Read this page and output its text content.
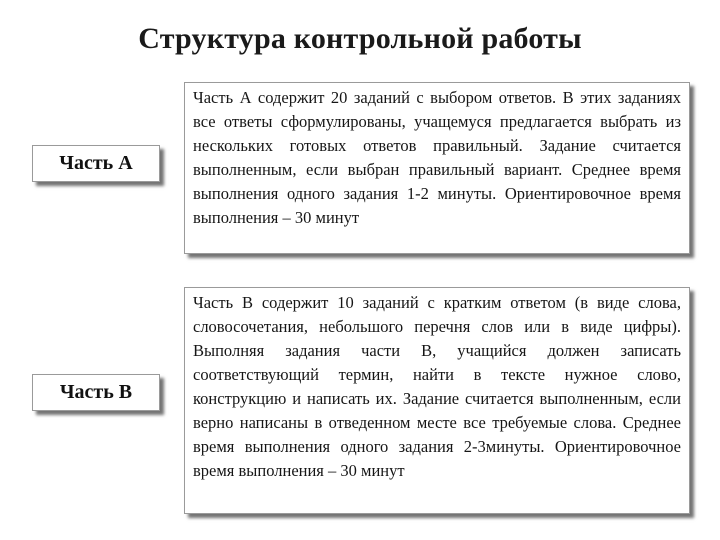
Структура контрольной работы
Часть А
Часть А содержит 20 заданий с выбором ответов. В этих заданиях все ответы сформулированы, учащемуся предлагается выбрать из нескольких готовых ответов правильный. Задание считается выполненным, если выбран правильный вариант. Среднее время выполнения одного задания 1-2 минуты. Ориентировочное время выполнения – 30 минут
Часть В
Часть В содержит 10 заданий с кратким ответом (в виде слова, словосочетания, небольшого перечня слов или в виде цифры). Выполняя задания части В, учащийся должен записать соответствующий термин, найти в тексте нужное слово, конструкцию и написать их. Задание считается выполненным, если верно написаны в отведенном месте все требуемые слова. Среднее время выполнения одного задания 2-3минуты. Ориентировочное время выполнения – 30 минут
